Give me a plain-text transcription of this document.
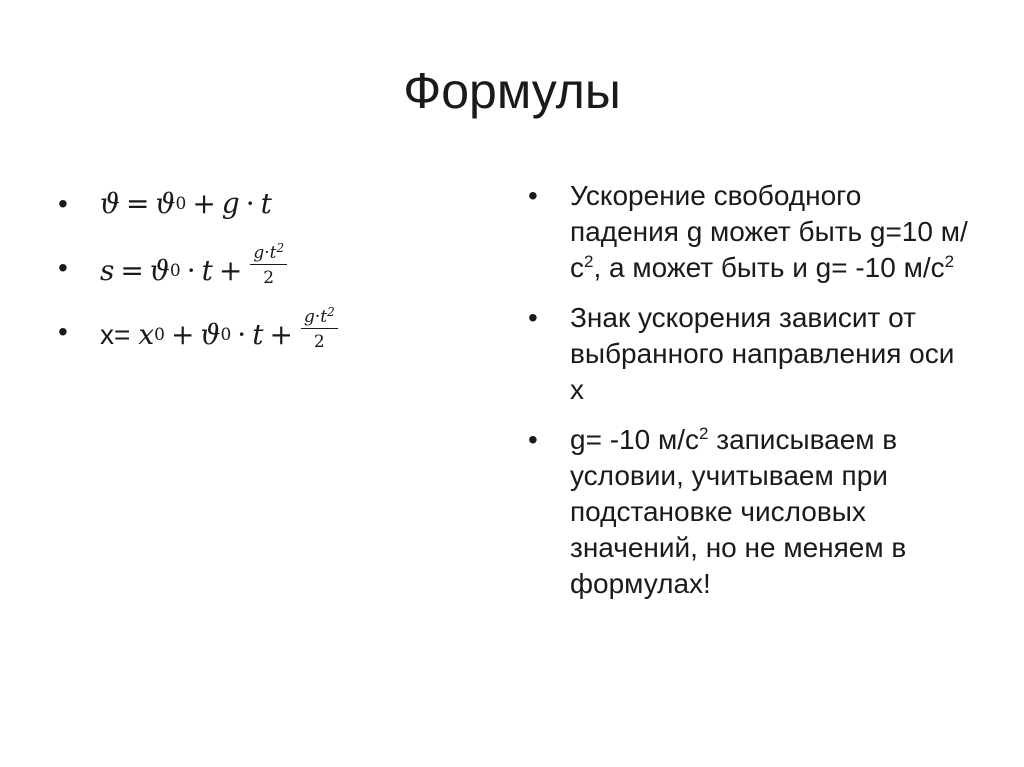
Формулы
• ϑ = ϑ 0 + g · t
• s = ϑ $0 \cdot t + \frac{g\cdot t^2}{2}$
• x = x 0 + ϑ $0 \cdot t + \frac{g\cdot t^2}{2}$
• Ускорение свободного падения g может быть g=10 $м/с^2$, а может быть и g= -10 $м/с^2$
• Знак ускорения зависит от выбранного направления оси x
• g= -10 $м/с^2$ записываем в условии, учитываем при подстановке числовых значений, но не меняем в формулах!
